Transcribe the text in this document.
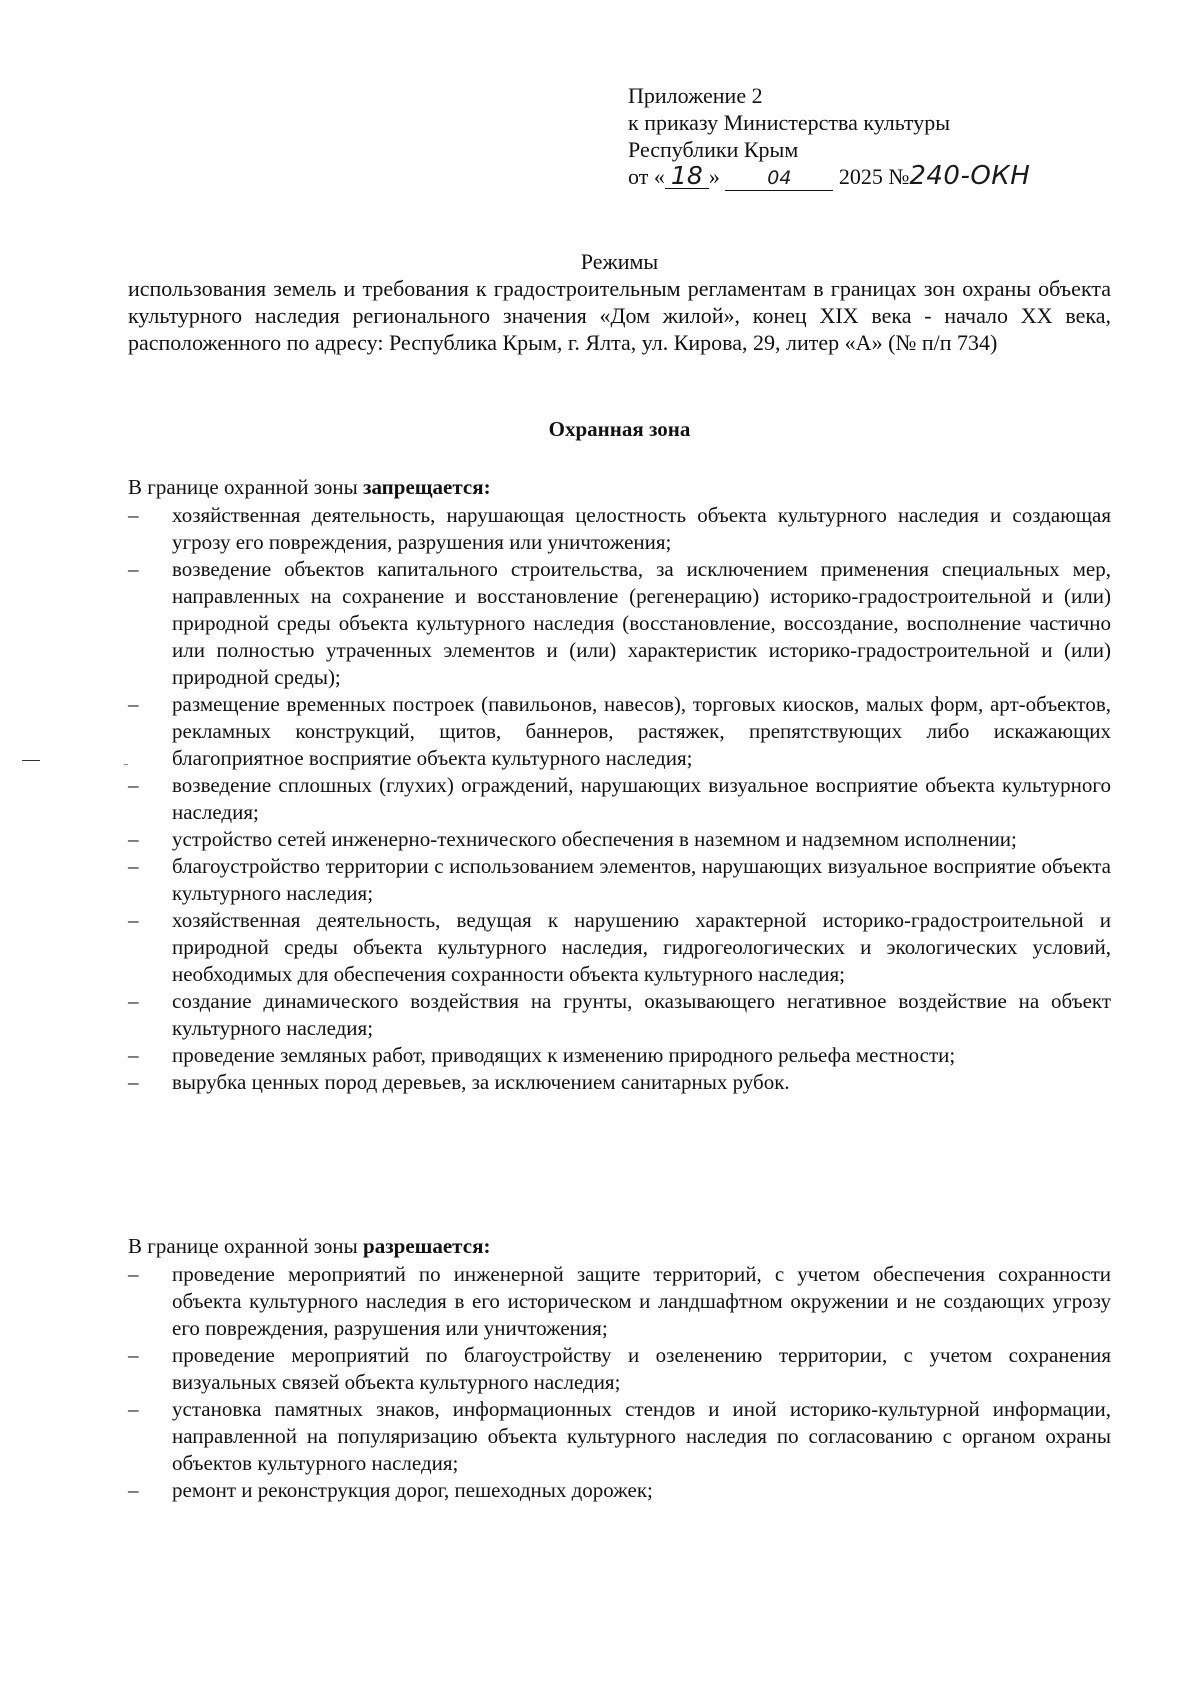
Приложение 2
к приказу Министерства культуры
Республики Крым
от « 18 » 04 2025 №240-ОКН
Режимы
использования земель и требования к градостроительным регламентам в границах зон охраны объекта культурного наследия регионального значения «Дом жилой», конец XIX века - начало XX века, расположенного по адресу: Республика Крым, г. Ялта, ул. Кирова, 29, литер «А» (№ п/п 734)
Охранная зона
В границе охранной зоны запрещается:
–	хозяйственная деятельность, нарушающая целостность объекта культурного наследия и создающая угрозу его повреждения, разрушения или уничтожения;
–	возведение объектов капитального строительства, за исключением применения специальных мер, направленных на сохранение и восстановление (регенерацию) историко-градостроительной и (или) природной среды объекта культурного наследия (восстановление, воссоздание, восполнение частично или полностью утраченных элементов и (или) характеристик историко-градостроительной и (или) природной среды);
–	размещение временных построек (павильонов, навесов), торговых киосков, малых форм, арт-объектов, рекламных конструкций, щитов, баннеров, растяжек, препятствующих либо искажающих благоприятное восприятие объекта культурного наследия;
–	возведение сплошных (глухих) ограждений, нарушающих визуальное восприятие объекта культурного наследия;
–	устройство сетей инженерно-технического обеспечения в наземном и надземном исполнении;
–	благоустройство территории с использованием элементов, нарушающих визуальное восприятие объекта культурного наследия;
–	хозяйственная деятельность, ведущая к нарушению характерной историко-градостроительной и природной среды объекта культурного наследия, гидрогеологических и экологических условий, необходимых для обеспечения сохранности объекта культурного наследия;
–	создание динамического воздействия на грунты, оказывающего негативное воздействие на объект культурного наследия;
–	проведение земляных работ, приводящих к изменению природного рельефа местности;
–	вырубка ценных пород деревьев, за исключением санитарных рубок.
В границе охранной зоны разрешается:
–	проведение мероприятий по инженерной защите территорий, с учетом обеспечения сохранности объекта культурного наследия в его историческом и ландшафтном окружении и не создающих угрозу его повреждения, разрушения или уничтожения;
–	проведение мероприятий по благоустройству и озеленению территории, с учетом сохранения визуальных связей объекта культурного наследия;
–	установка памятных знаков, информационных стендов и иной историко-культурной информации, направленной на популяризацию объекта культурного наследия по согласованию с органом охраны объектов культурного наследия;
–	ремонт и реконструкция дорог, пешеходных дорожек;
